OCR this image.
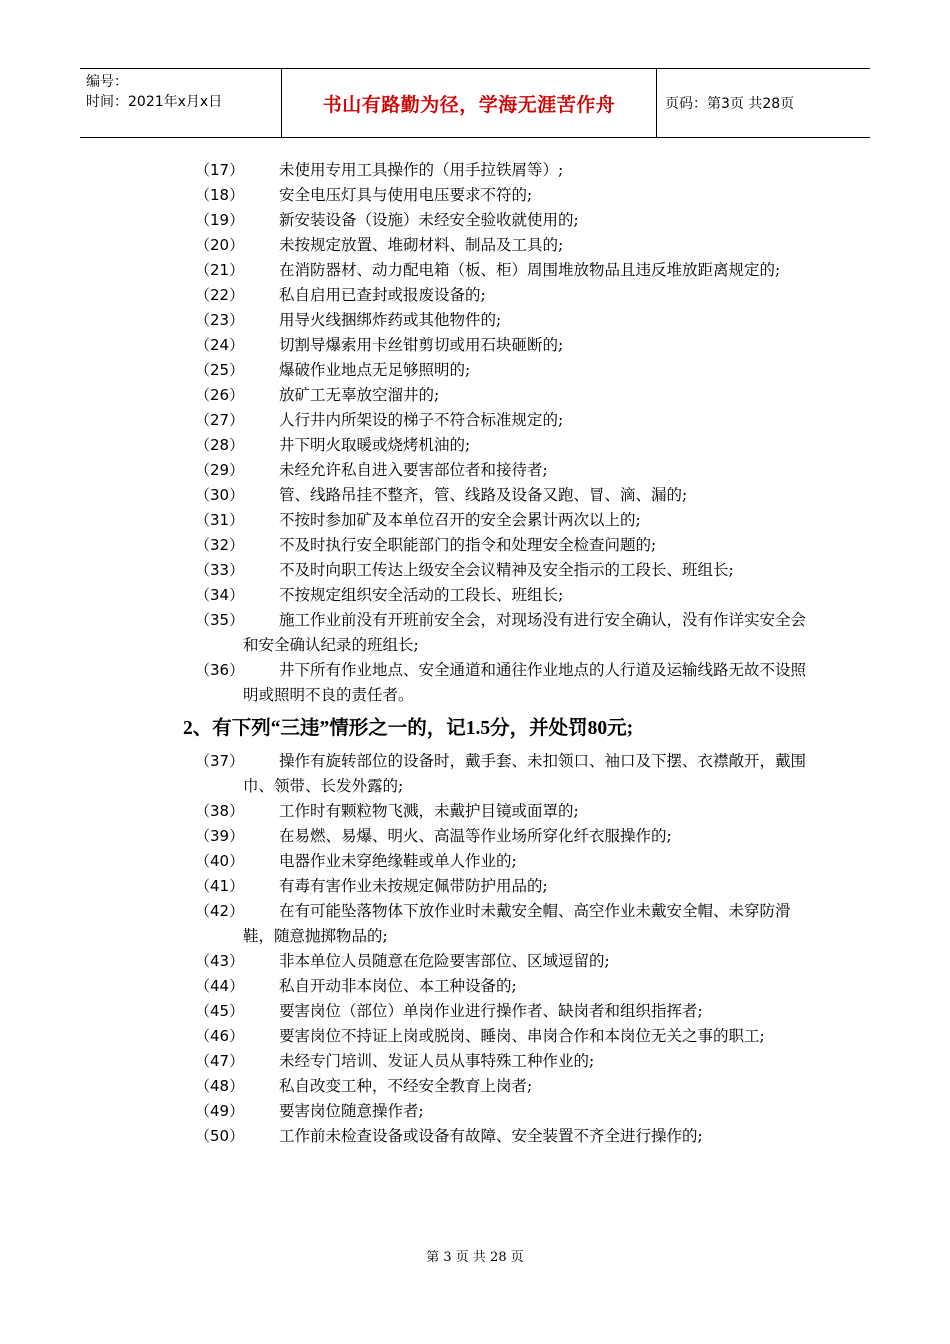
编号：
时间：2021年x月x日	书山有路勤为径，学海无涯苦作舟	页码：第3页 共28页
（17）	未使用专用工具操作的（用手拉铁屑等）;
（18）	安全电压灯具与使用电压要求不符的;
（19）	新安装设备（设施）未经安全验收就使用的;
（20）	未按规定放置、堆砌材料、制品及工具的;
（21）	在消防器材、动力配电箱（板、柜）周围堆放物品且违反堆放距离规定的;
（22）	私自启用已查封或报废设备的;
（23）	用导火线捆绑炸药或其他物件的;
（24）	切割导爆索用卡丝钳剪切或用石块砸断的;
（25）	爆破作业地点无足够照明的;
（26）	放矿工无辜放空溜井的;
（27）	人行井内所架设的梯子不符合标准规定的;
（28）	井下明火取暖或烧烤机油的;
（29）	未经允许私自进入要害部位者和接待者;
（30）	管、线路吊挂不整齐，管、线路及设备又跑、冒、滴、漏的;
（31）	不按时参加矿及本单位召开的安全会累计两次以上的;
（32）	不及时执行安全职能部门的指令和处理安全检查问题的;
（33）	不及时向职工传达上级安全会议精神及安全指示的工段长、班组长;
（34）	不按规定组织安全活动的工段长、班组长;
（35）	施工作业前没有开班前安全会，对现场没有进行安全确认，没有作详实安全会和安全确认纪录的班组长;
（36）	井下所有作业地点、安全通道和通往作业地点的人行道及运输线路无故不设照明或照明不良的责任者。
2、有下列“三违”情形之一的，记1.5分，并处罚80元;
（37）	操作有旋转部位的设备时，戴手套、未扣领口、袖口及下摆、衣襟敞开，戴围巾、领带、长发外露的;
（38）	工作时有颗粒物飞溅，未戴护目镜或面罩的;
（39）	在易燃、易爆、明火、高温等作业场所穿化纤衣服操作的;
（40）	电器作业未穿绝缘鞋或单人作业的;
（41）	有毒有害作业未按规定佩带防护用品的;
（42）	在有可能坠落物体下放作业时未戴安全帽、高空作业未戴安全帽、未穿防滑鞋，随意抛掷物品的;
（43）	非本单位人员随意在危险要害部位、区域逗留的;
（44）	私自开动非本岗位、本工种设备的;
（45）	要害岗位（部位）单岗作业进行操作者、缺岗者和组织指挥者;
（46）	要害岗位不持证上岗或脱岗、睡岗、串岗合作和本岗位无关之事的职工;
（47）	未经专门培训、发证人员从事特殊工种作业的;
（48）	私自改变工种，不经安全教育上岗者;
（49）	要害岗位随意操作者;
（50）	工作前未检查设备或设备有故障、安全装置不齐全进行操作的;
第 3 页 共 28 页
